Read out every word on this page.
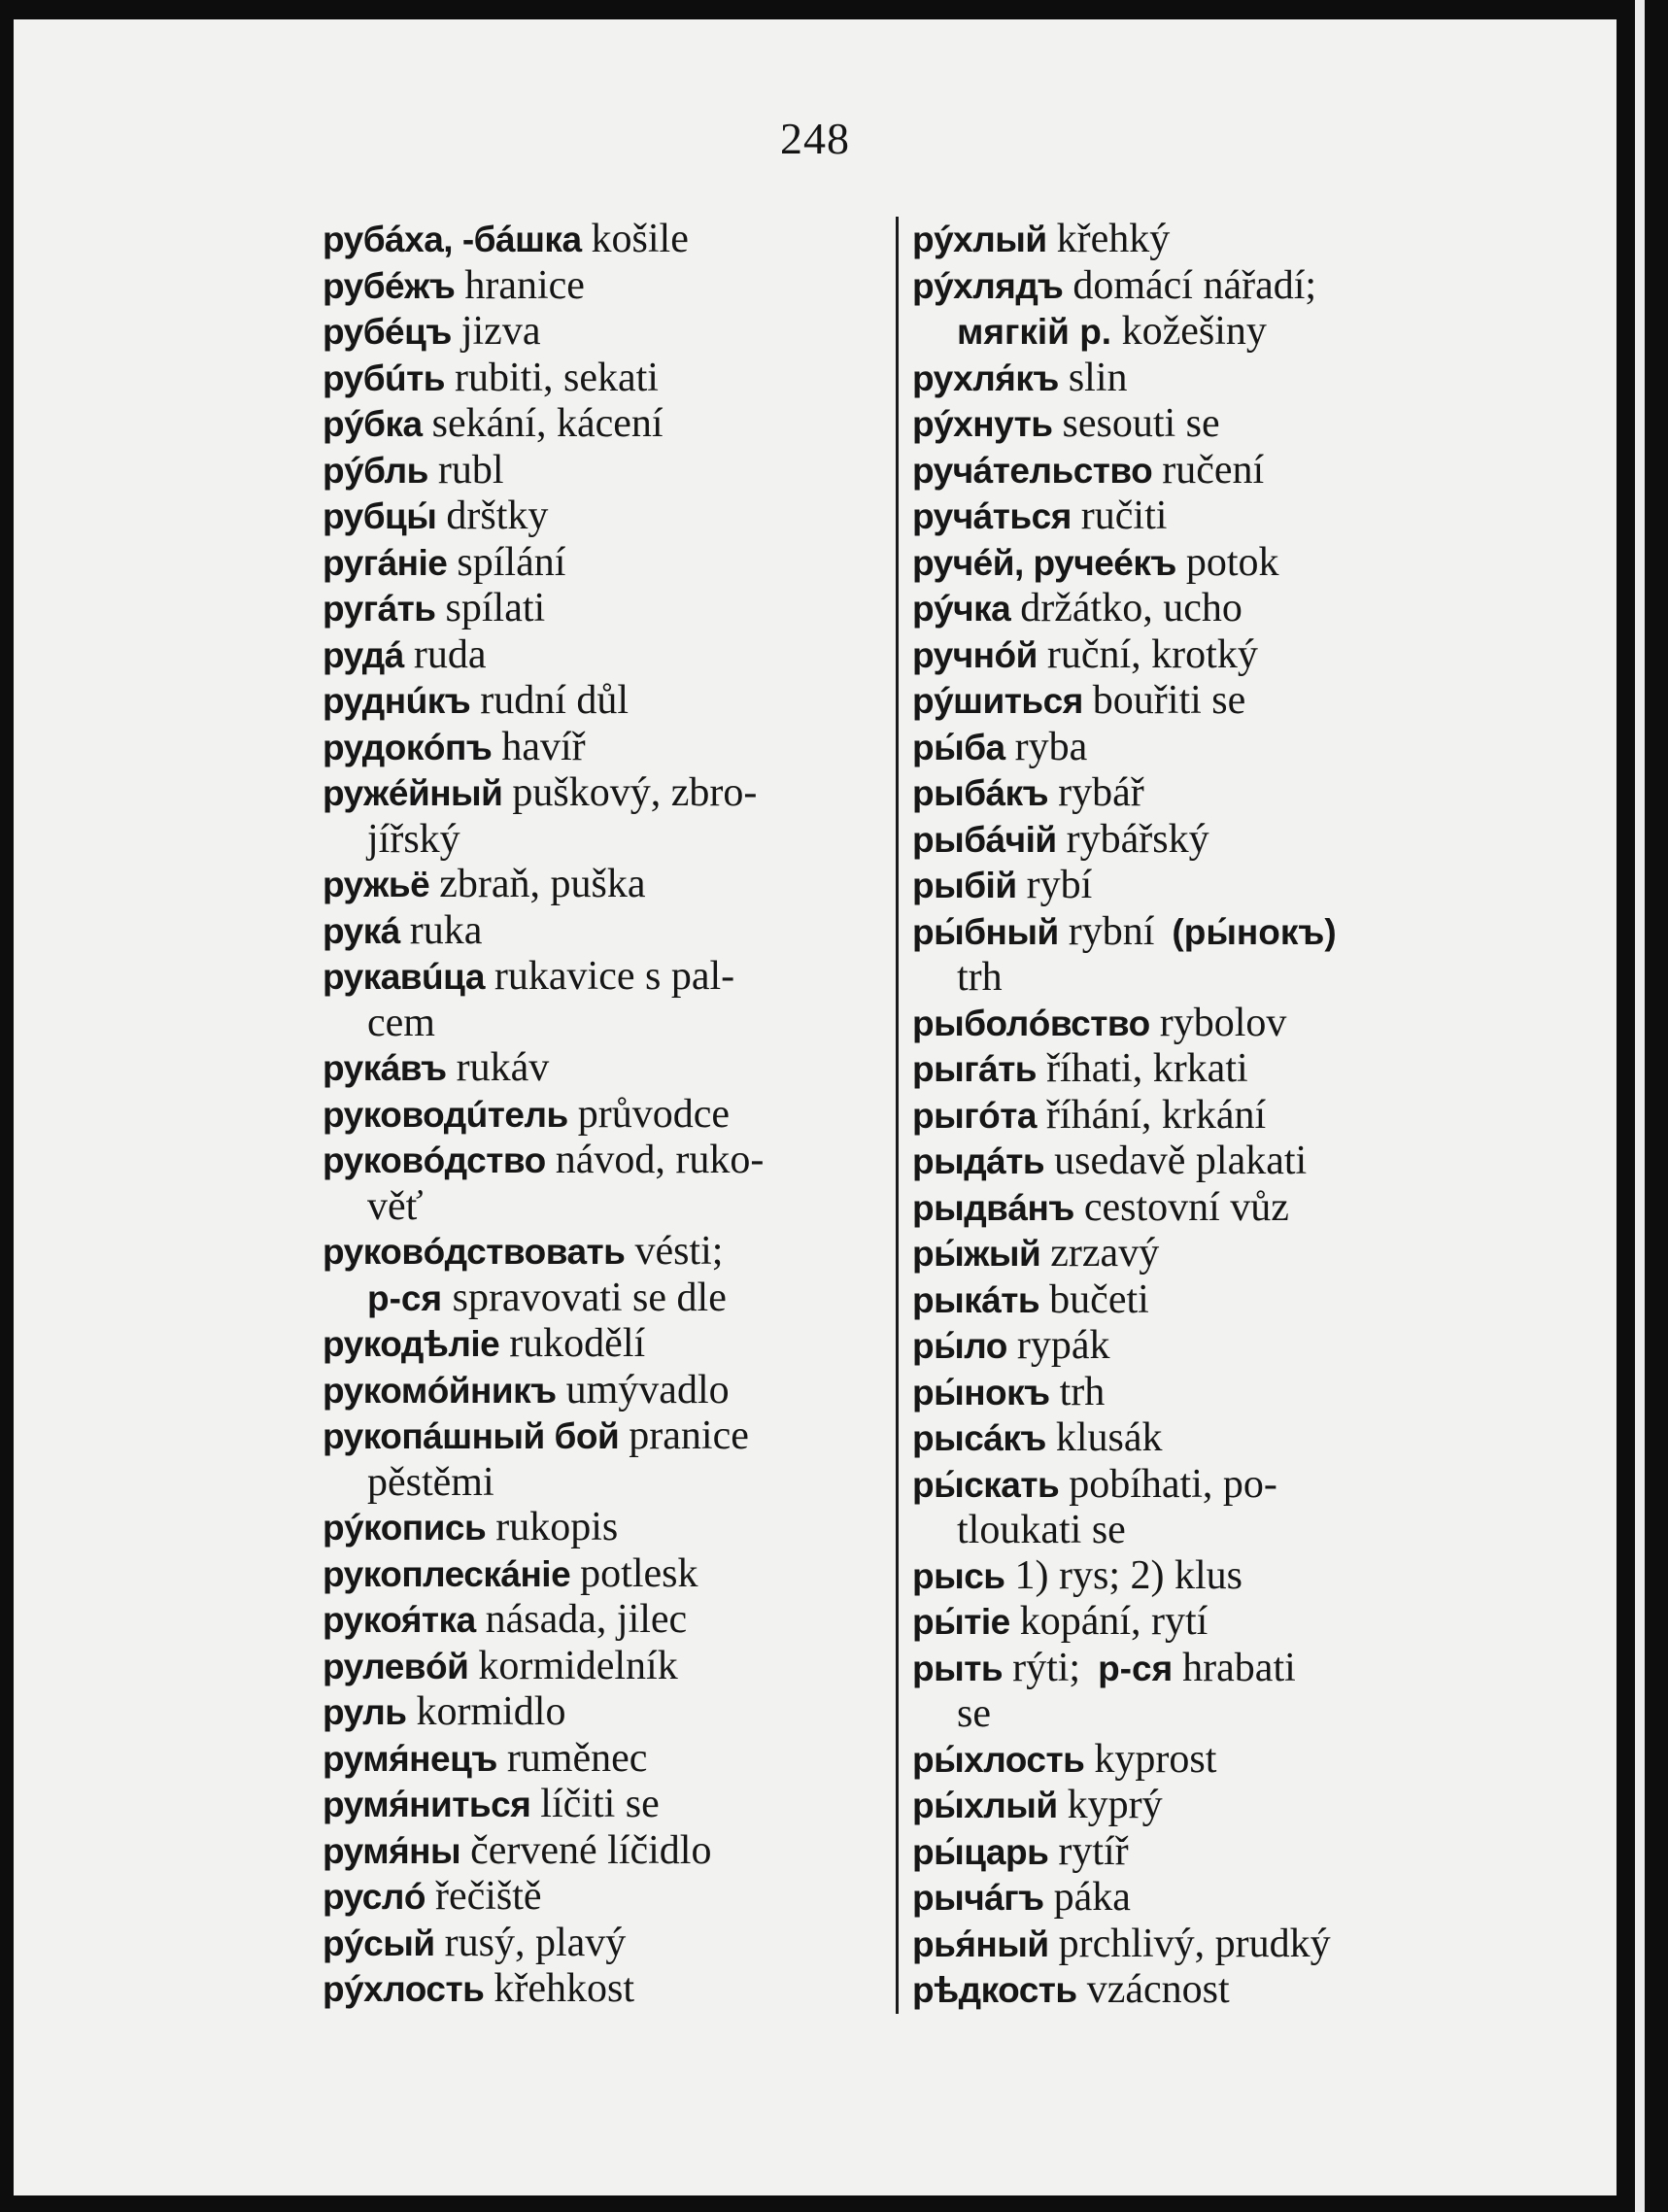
248
рубáха, -бáшка košile
рубéжъ hranice
рубéцъ jizva
рубúть rubiti, sekati
рýбка sekání, kácení
рýбль rubl
рубцы́ drštky
ругáніе spílání
ругáть spílati
рудá ruda
руднúкъ rudní důl
рудокóпъ havíř
ружéйный puškový, zbro-
jířský
ружьё zbraň, puška
рукá ruka
рукавúца rukavice s pal-
cem
рукáвъ rukáv
руководúтель průvodce
руковóдство návod, ruko-
věť
руковóдствовать vésti;
р-ся spravovati se dle
рукодѣліе rukodělí
рукомóйникъ umývadlo
рукопáшный бой pranice
pěstěmi
рýкопись rukopis
рукоплескáніе potlesk
рукоя́тка násada, jilec
рулевóй kormidelník
руль kormidlo
румя́нецъ ruměnec
румя́ниться líčiti se
румя́ны červené líčidlo
руслó řečiště
рýсый rusý, plavý
рýхлость křehkost
рýхлый křehký
рýхлядъ domácí nářadí;
мягкій р. kožešiny
рухля́къ slin
рýхнуть sesouti se
ручáтельство ručení
ручáться ručiti
ручéй, ручеéкъ potok
рýчка držátko, ucho
ручнóй ruční, krotký
рýшиться bouřiti se
ры́ба ryba
рыбáкъ rybář
рыбáчій rybářský
рыбій rybí
ры́бный rybní (ры́нокъ)
trh
рыболóвство rybolov
рыгáть říhati, krkati
рыгóта říhání, krkání
рыдáть usedavě plakati
рыдвáнъ cestovní vůz
ры́жый zrzavý
рыкáть bučeti
ры́ло rypák
ры́нокъ trh
рысáкъ klusák
ры́скать pobíhati, po-
tloukati se
рысь 1) rys; 2) klus
ры́тіе kopání, rytí
рыть rýti; р-ся hrabati
se
ры́хлость kyprost
ры́хлый kyprý
ры́царь rytíř
рычáгъ páka
рья́ный prchlivý, prudký
рѣдкость vzácnost
